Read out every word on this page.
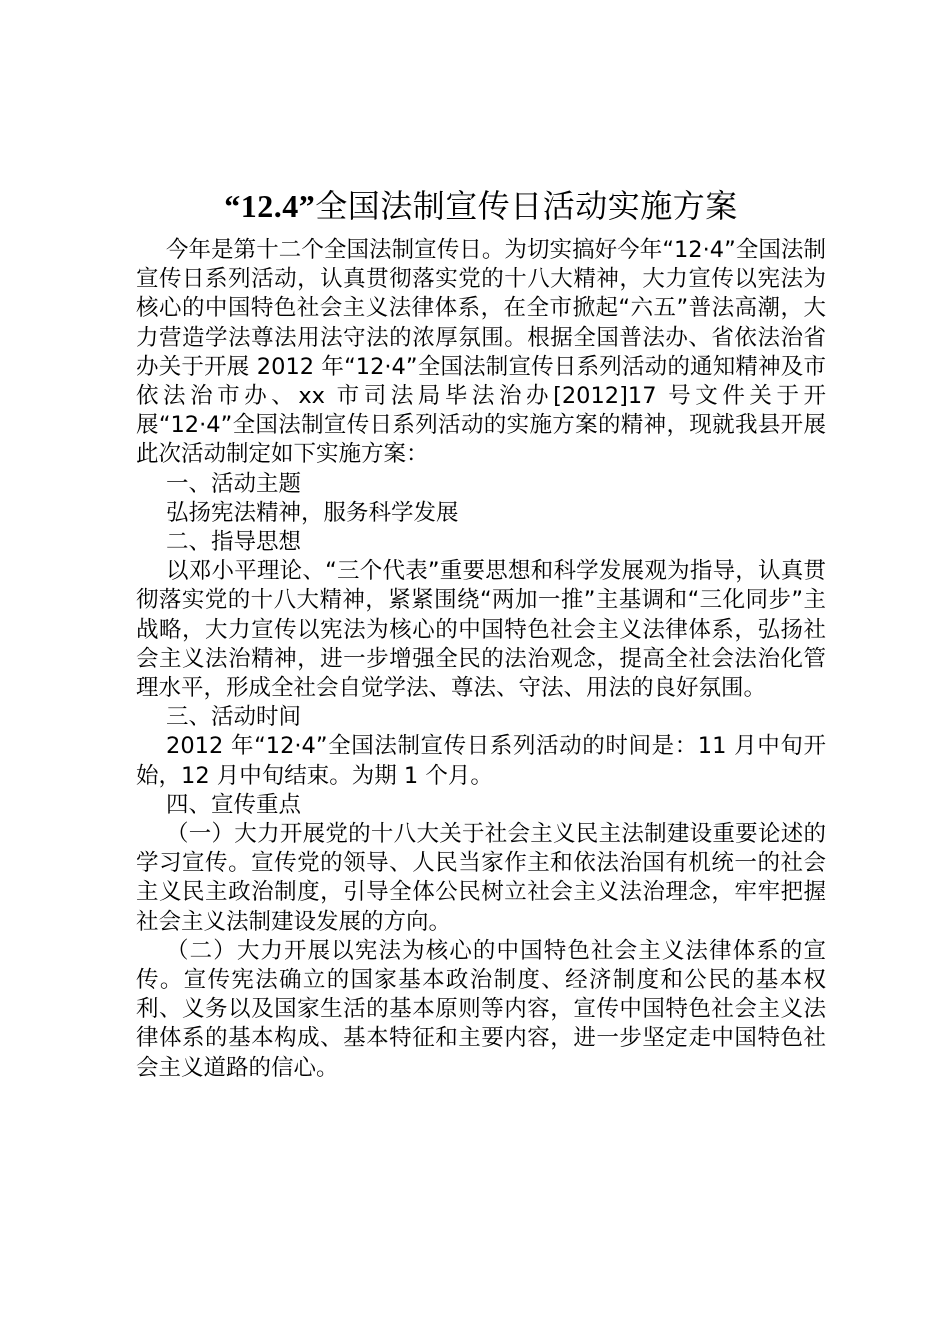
“12.4”全国法制宣传日活动实施方案

今年是第十二个全国法制宣传日。为切实搞好今年“12·4”全国法制宣传日系列活动，认真贯彻落实党的十八大精神，大力宣传以宪法为核心的中国特色社会主义法律体系，在全市掀起“六五”普法高潮，大力营造学法尊法用法守法的浓厚氛围。根据全国普法办、省依法治省办关于开展 2012 年“12·4”全国法制宣传日系列活动的通知精神及市依法治市办、xx 市司法局毕法治办[2012]17 号文件关于开展“12·4”全国法制宣传日系列活动的实施方案的精神，现就我县开展此次活动制定如下实施方案：

一、活动主题

弘扬宪法精神，服务科学发展

二、指导思想

以邓小平理论、“三个代表”重要思想和科学发展观为指导，认真贯彻落实党的十八大精神，紧紧围绕“两加一推”主基调和“三化同步”主战略，大力宣传以宪法为核心的中国特色社会主义法律体系，弘扬社会主义法治精神，进一步增强全民的法治观念，提高全社会法治化管理水平，形成全社会自觉学法、尊法、守法、用法的良好氛围。

三、活动时间

2012 年“12·4”全国法制宣传日系列活动的时间是：11 月中旬开始，12 月中旬结束。为期 1 个月。

四、宣传重点

（一）大力开展党的十八大关于社会主义民主法制建设重要论述的学习宣传。宣传党的领导、人民当家作主和依法治国有机统一的社会主义民主政治制度，引导全体公民树立社会主义法治理念，牢牢把握社会主义法制建设发展的方向。

（二）大力开展以宪法为核心的中国特色社会主义法律体系的宣传。宣传宪法确立的国家基本政治制度、经济制度和公民的基本权利、义务以及国家生活的基本原则等内容，宣传中国特色社会主义法律体系的基本构成、基本特征和主要内容，进一步坚定走中国特色社会主义道路的信心。
